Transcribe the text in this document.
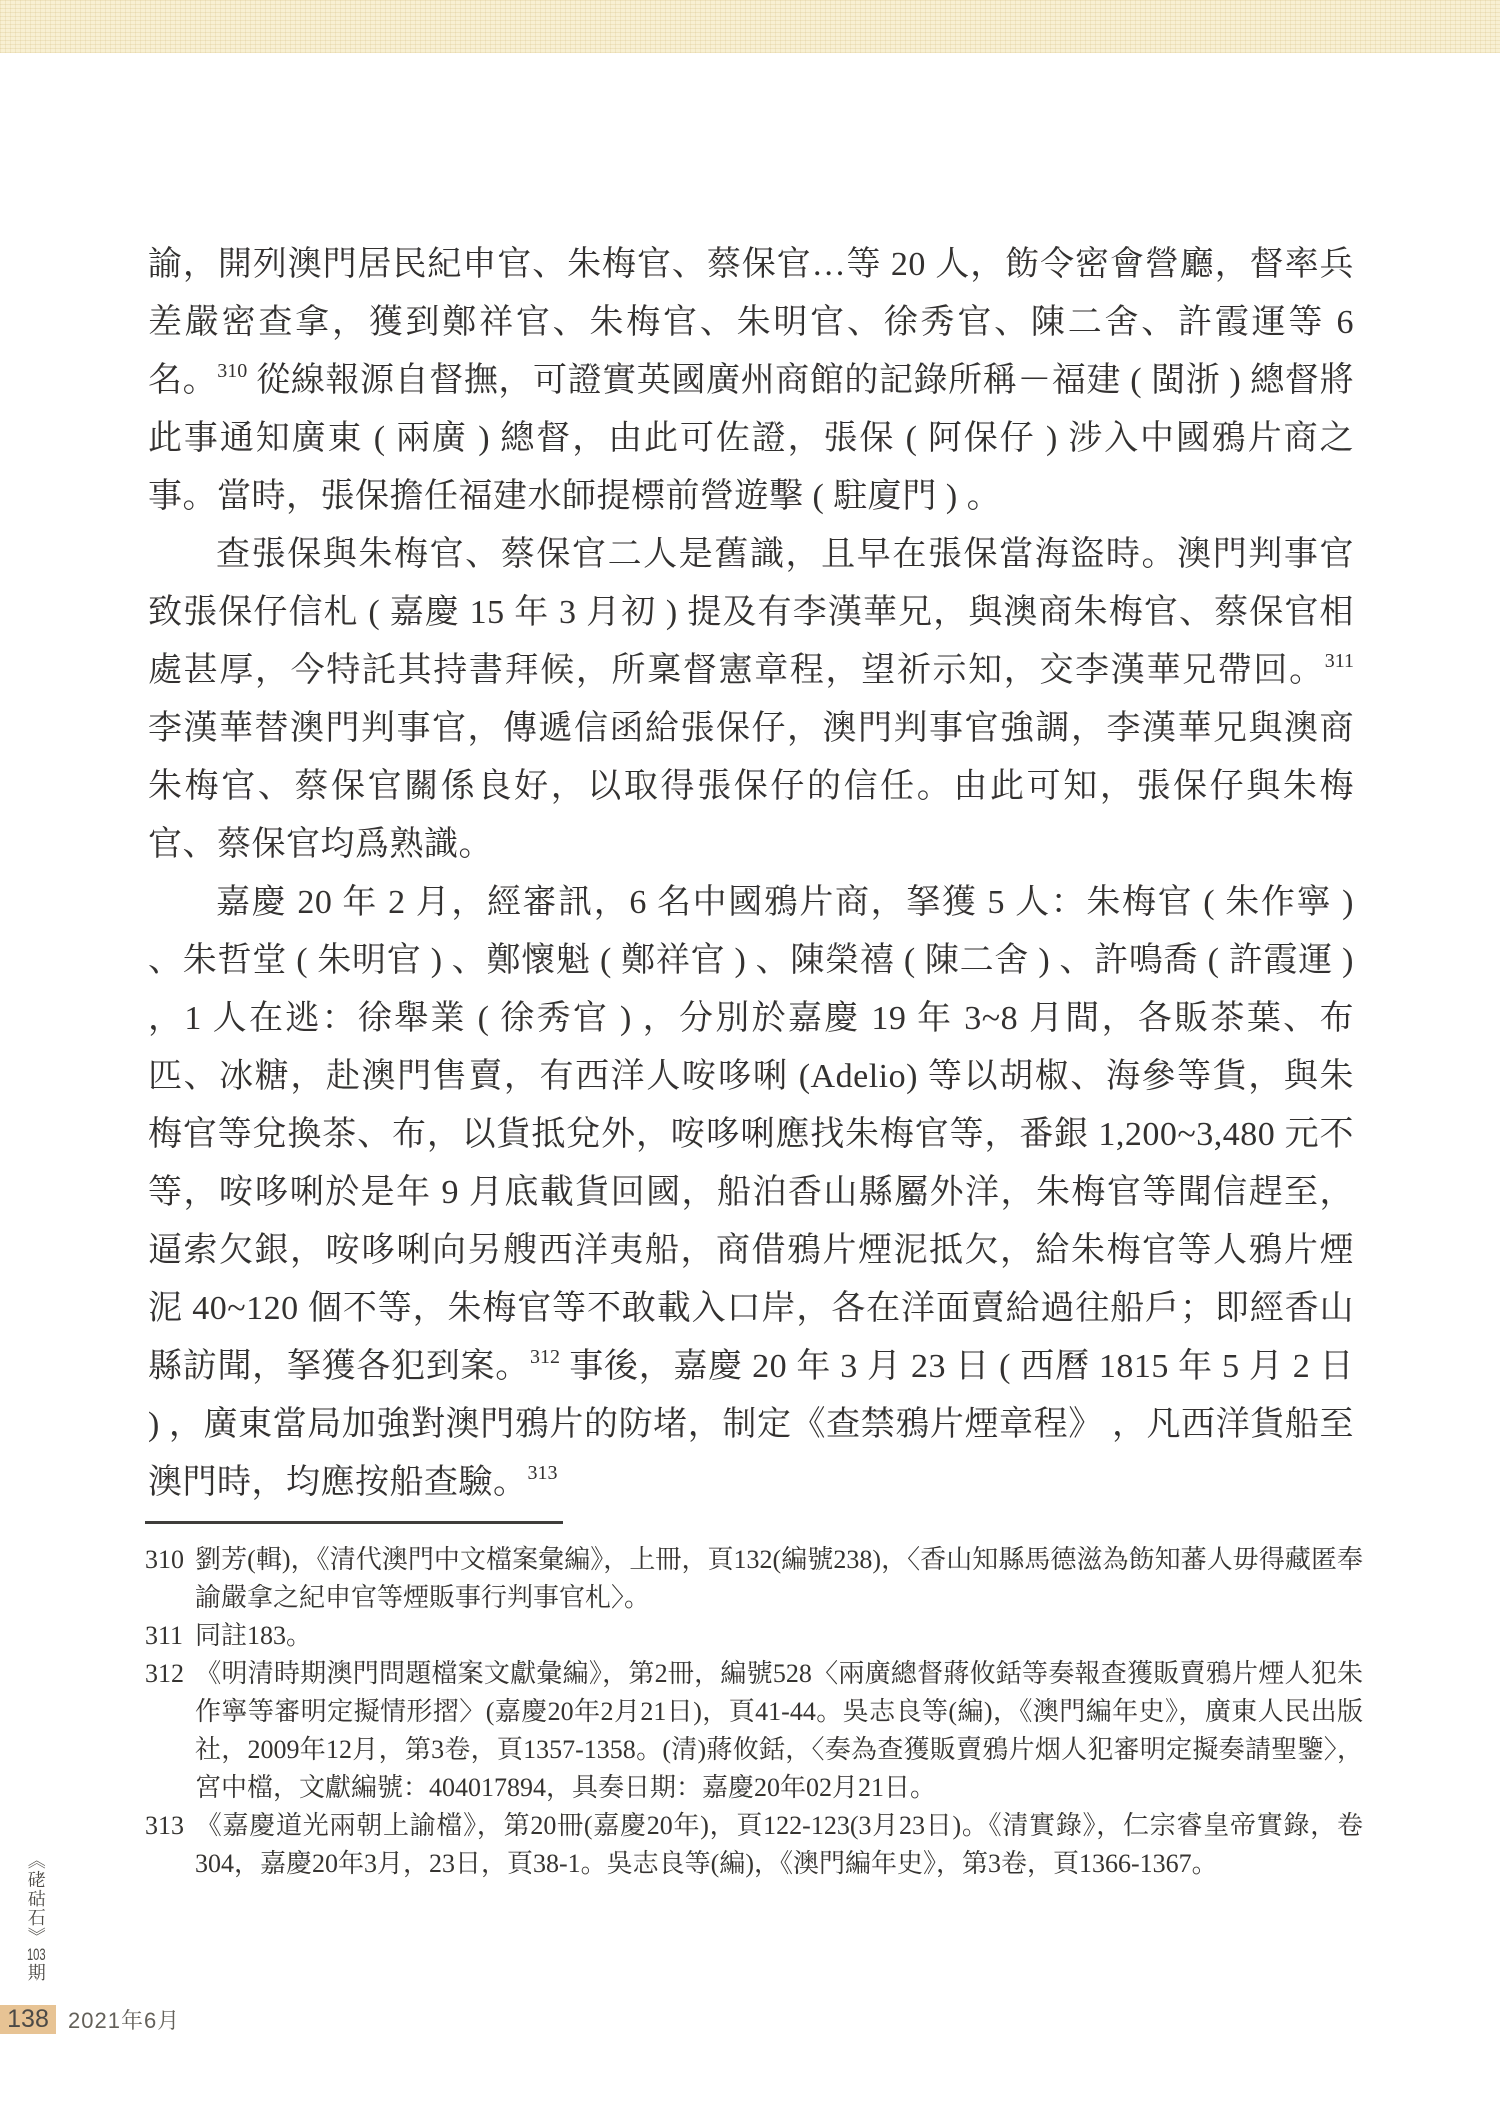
諭，開列澳門居民紀申官、朱梅官、蔡保官…等 20 人，飭令密會營廳，督率兵差嚴密查拿，獲到鄭祥官、朱梅官、朱明官、徐秀官、陳二舍、許霞運等 6 名。$^{310}$ 從線報源自督撫，可證實英國廣州商館的記錄所稱－福建 ( 閩浙 ) 總督將此事通知廣東 ( 兩廣 ) 總督，由此可佐證，張保 ( 阿保仔 ) 涉入中國鴉片商之事。當時，張保擔任福建水師提標前營遊擊 ( 駐廈門 ) 。

查張保與朱梅官、蔡保官二人是舊識，且早在張保當海盜時。澳門判事官致張保仔信札 ( 嘉慶 15 年 3 月初 ) 提及有李漢華兄，與澳商朱梅官、蔡保官相處甚厚，今特託其持書拜候，所稟督憲章程，望祈示知，交李漢華兄帶回。$^{311}$ 李漢華替澳門判事官，傳遞信函給張保仔，澳門判事官強調，李漢華兄與澳商朱梅官、蔡保官關係良好，以取得張保仔的信任。由此可知，張保仔與朱梅官、蔡保官均爲熟識。

嘉慶 20 年 2 月，經審訊，6 名中國鴉片商，拏獲 5 人：朱梅官 ( 朱作寧 ) 、朱哲堂 ( 朱明官 ) 、鄭懷魁 ( 鄭祥官 ) 、陳榮禧 ( 陳二舍 ) 、許鳴喬 ( 許霞運 ) ，1 人在逃：徐舉業 ( 徐秀官 ) ，分別於嘉慶 19 年 3~8 月間，各販茶葉、布匹、冰糖，赴澳門售賣，有西洋人咹哆唎 (Adelio) 等以胡椒、海參等貨，與朱梅官等兌換茶、布，以貨抵兌外，咹哆唎應找朱梅官等，番銀 1,200~3,480 元不等，咹哆唎於是年 9 月底載貨回國，船泊香山縣屬外洋，朱梅官等聞信趕至，逼索欠銀，咹哆唎向另艘西洋夷船，商借鴉片煙泥抵欠，給朱梅官等人鴉片煙泥 40~120 個不等，朱梅官等不敢載入口岸，各在洋面賣給過往船戶；即經香山縣訪聞，拏獲各犯到案。$^{312}$ 事後，嘉慶 20 年 3 月 23 日 ( 西曆 1815 年 5 月 2 日 ) ，廣東當局加強對澳門鴉片的防堵，制定《查禁鴉片煙章程》 ，凡西洋貨船至澳門時，均應按船查驗。$^{313}$

310 劉芳(輯)，《清代澳門中文檔案彙編》，上冊，頁132(編號238)，〈香山知縣馬德滋為飭知蕃人毋得藏匿奉諭嚴拿之紀申官等煙販事行判事官札〉。

311 同註183。

312 《明清時期澳門問題檔案文獻彙編》，第2冊，編號528〈兩廣總督蔣攸銛等奏報查獲販賣鴉片煙人犯朱作寧等審明定擬情形摺〉(嘉慶20年2月21日)，頁41-44。吳志良等(編)，《澳門編年史》，廣東人民出版社，2009年12月，第3卷，頁1357-1358。(清)蔣攸銛，〈奏為查獲販賣鴉片烟人犯審明定擬奏請聖鑒〉，宮中檔，文獻編號：404017894，具奏日期：嘉慶20年02月21日。

313 《嘉慶道光兩朝上諭檔》，第20冊(嘉慶20年)，頁122-123(3月23日)。《清實錄》，仁宗睿皇帝實錄，卷304，嘉慶20年3月，23日，頁38-1。吳志良等(編)，《澳門編年史》，第3卷，頁1366-1367。

《硓𥑮石》103期
138 2021年6月
